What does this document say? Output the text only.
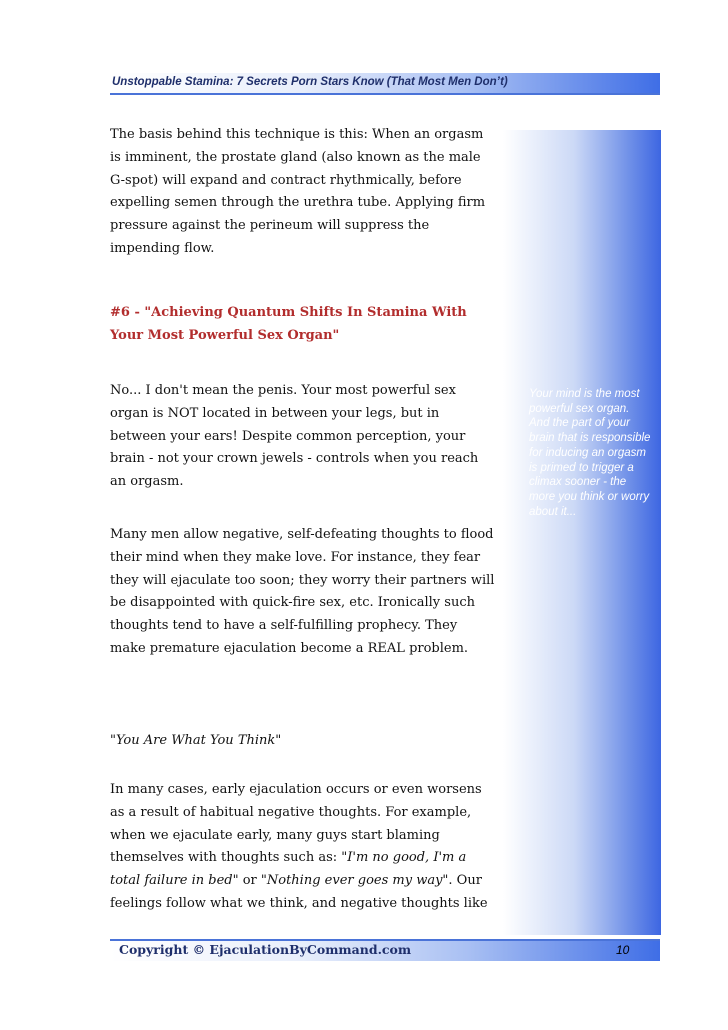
Unstoppable Stamina: 7 Secrets Porn Stars Know (That Most Men Don’t)
Your mind is the most powerful sex organ. And the part of your brain that is responsible for inducing an orgasm is primed to trigger a climax sooner - the more you think or worry about it...
The basis behind this technique is this: When an orgasm is imminent, the prostate gland (also known as the male G-spot) will expand and contract rhythmically, before expelling semen through the urethra tube. Applying firm pressure against the perineum will suppress the impending flow.
#6 - "Achieving Quantum Shifts In Stamina With Your Most Powerful Sex Organ"
No... I don't mean the penis. Your most powerful sex organ is NOT located in between your legs, but in between your ears! Despite common perception, your brain - not your crown jewels - controls when you reach an orgasm.
Many men allow negative, self-defeating thoughts to flood their mind when they make love. For instance, they fear they will ejaculate too soon; they worry their partners will be disappointed with quick-fire sex, etc. Ironically such thoughts tend to have a self-fulfilling prophecy. They make premature ejaculation become a REAL problem.
"You Are What You Think"
In many cases, early ejaculation occurs or even worsens as a result of habitual negative thoughts. For example, when we ejaculate early, many guys start blaming themselves with thoughts such as: "I'm no good, I'm a total failure in bed" or "Nothing ever goes my way". Our feelings follow what we think, and negative thoughts like
Copyright © EjaculationByCommand.com	10
